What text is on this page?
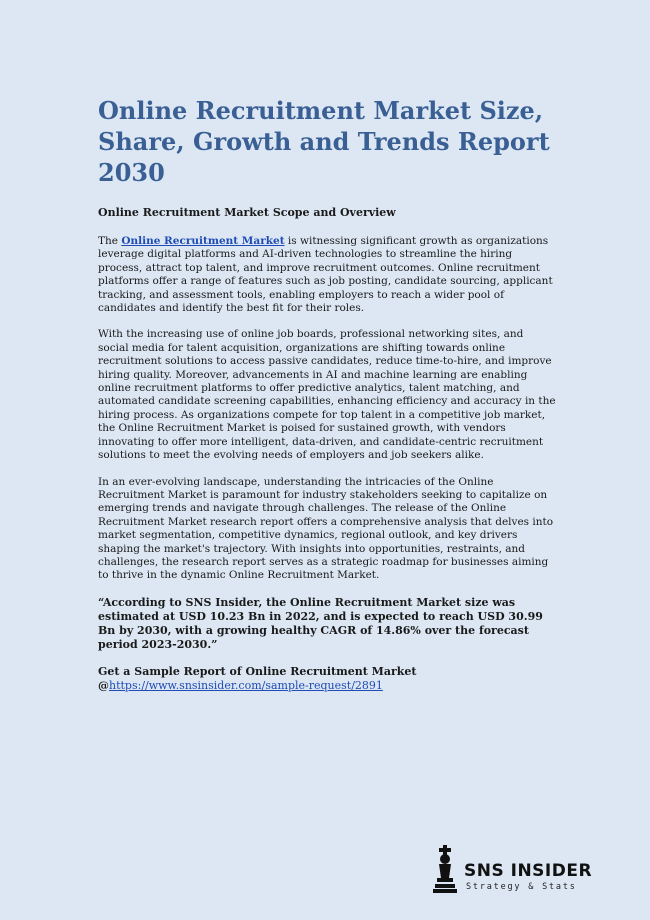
Online Recruitment Market Size, Share, Growth and Trends Report 2030
Online Recruitment Market Scope and Overview

The Online Recruitment Market is witnessing significant growth as organizations leverage digital platforms and AI-driven technologies to streamline the hiring process, attract top talent, and improve recruitment outcomes. Online recruitment platforms offer a range of features such as job posting, candidate sourcing, applicant tracking, and assessment tools, enabling employers to reach a wider pool of candidates and identify the best fit for their roles.

With the increasing use of online job boards, professional networking sites, and social media for talent acquisition, organizations are shifting towards online recruitment solutions to access passive candidates, reduce time-to-hire, and improve hiring quality. Moreover, advancements in AI and machine learning are enabling online recruitment platforms to offer predictive analytics, talent matching, and automated candidate screening capabilities, enhancing efficiency and accuracy in the hiring process. As organizations compete for top talent in a competitive job market, the Online Recruitment Market is poised for sustained growth, with vendors innovating to offer more intelligent, data-driven, and candidate-centric recruitment solutions to meet the evolving needs of employers and job seekers alike.

In an ever-evolving landscape, understanding the intricacies of the Online Recruitment Market is paramount for industry stakeholders seeking to capitalize on emerging trends and navigate through challenges. The release of the Online Recruitment Market research report offers a comprehensive analysis that delves into market segmentation, competitive dynamics, regional outlook, and key drivers shaping the market's trajectory. With insights into opportunities, restraints, and challenges, the research report serves as a strategic roadmap for businesses aiming to thrive in the dynamic Online Recruitment Market.

“According to SNS Insider, the Online Recruitment Market size was estimated at USD 10.23 Bn in 2022, and is expected to reach USD 30.99 Bn by 2030, with a growing healthy CAGR of 14.86% over the forecast period 2023-2030.”

Get a Sample Report of Online Recruitment Market
@https://www.snsinsider.com/sample-request/2891

SNS INSIDER
Strategy & Stats
